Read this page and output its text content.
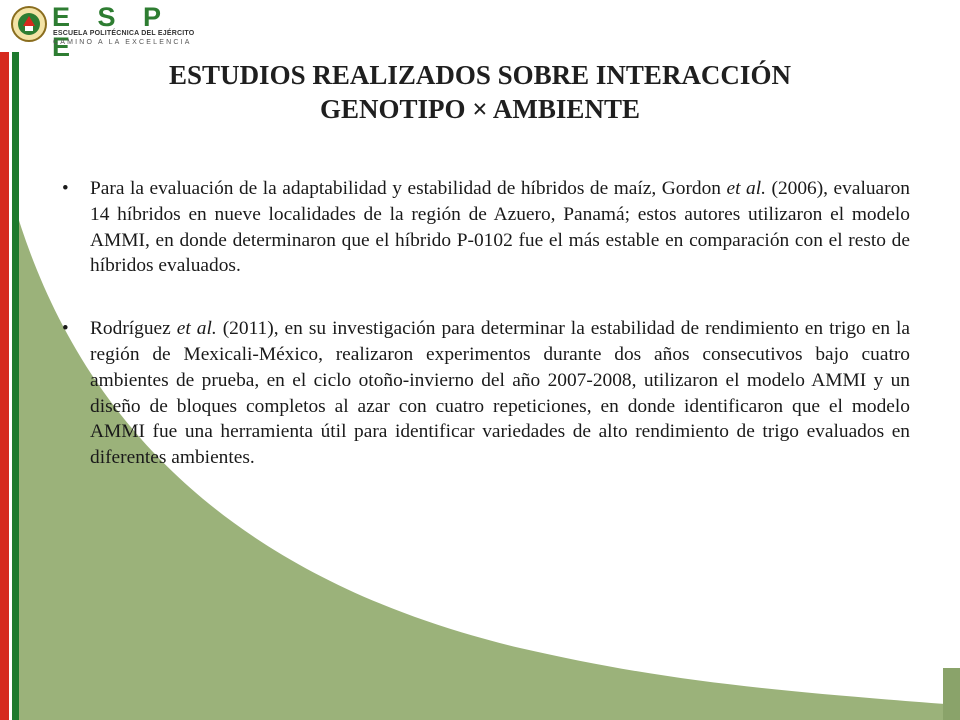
E S P E
ESCUELA POLITÉCNICA DEL EJÉRCITO
CAMINO A LA EXCELENCIA
ESTUDIOS REALIZADOS SOBRE INTERACCIÓN
GENOTIPO × AMBIENTE
•	Para la evaluación de la adaptabilidad y estabilidad de híbridos de maíz, Gordon et al. (2006), evaluaron 14 híbridos en nueve localidades de la región de Azuero, Panamá; estos autores utilizaron el modelo AMMI, en donde determinaron que el híbrido P-0102 fue el más estable en comparación con el resto de híbridos evaluados.
•	Rodríguez et al. (2011), en su investigación para determinar la estabilidad de rendimiento en trigo en la región de Mexicali-México, realizaron experimentos durante dos años consecutivos bajo cuatro ambientes de prueba, en el ciclo otoño-invierno del año 2007-2008, utilizaron el modelo AMMI y un diseño de bloques completos al azar con cuatro repeticiones, en donde identificaron que el modelo AMMI fue una herramienta útil para identificar variedades de alto rendimiento de trigo evaluados en diferentes ambientes.
